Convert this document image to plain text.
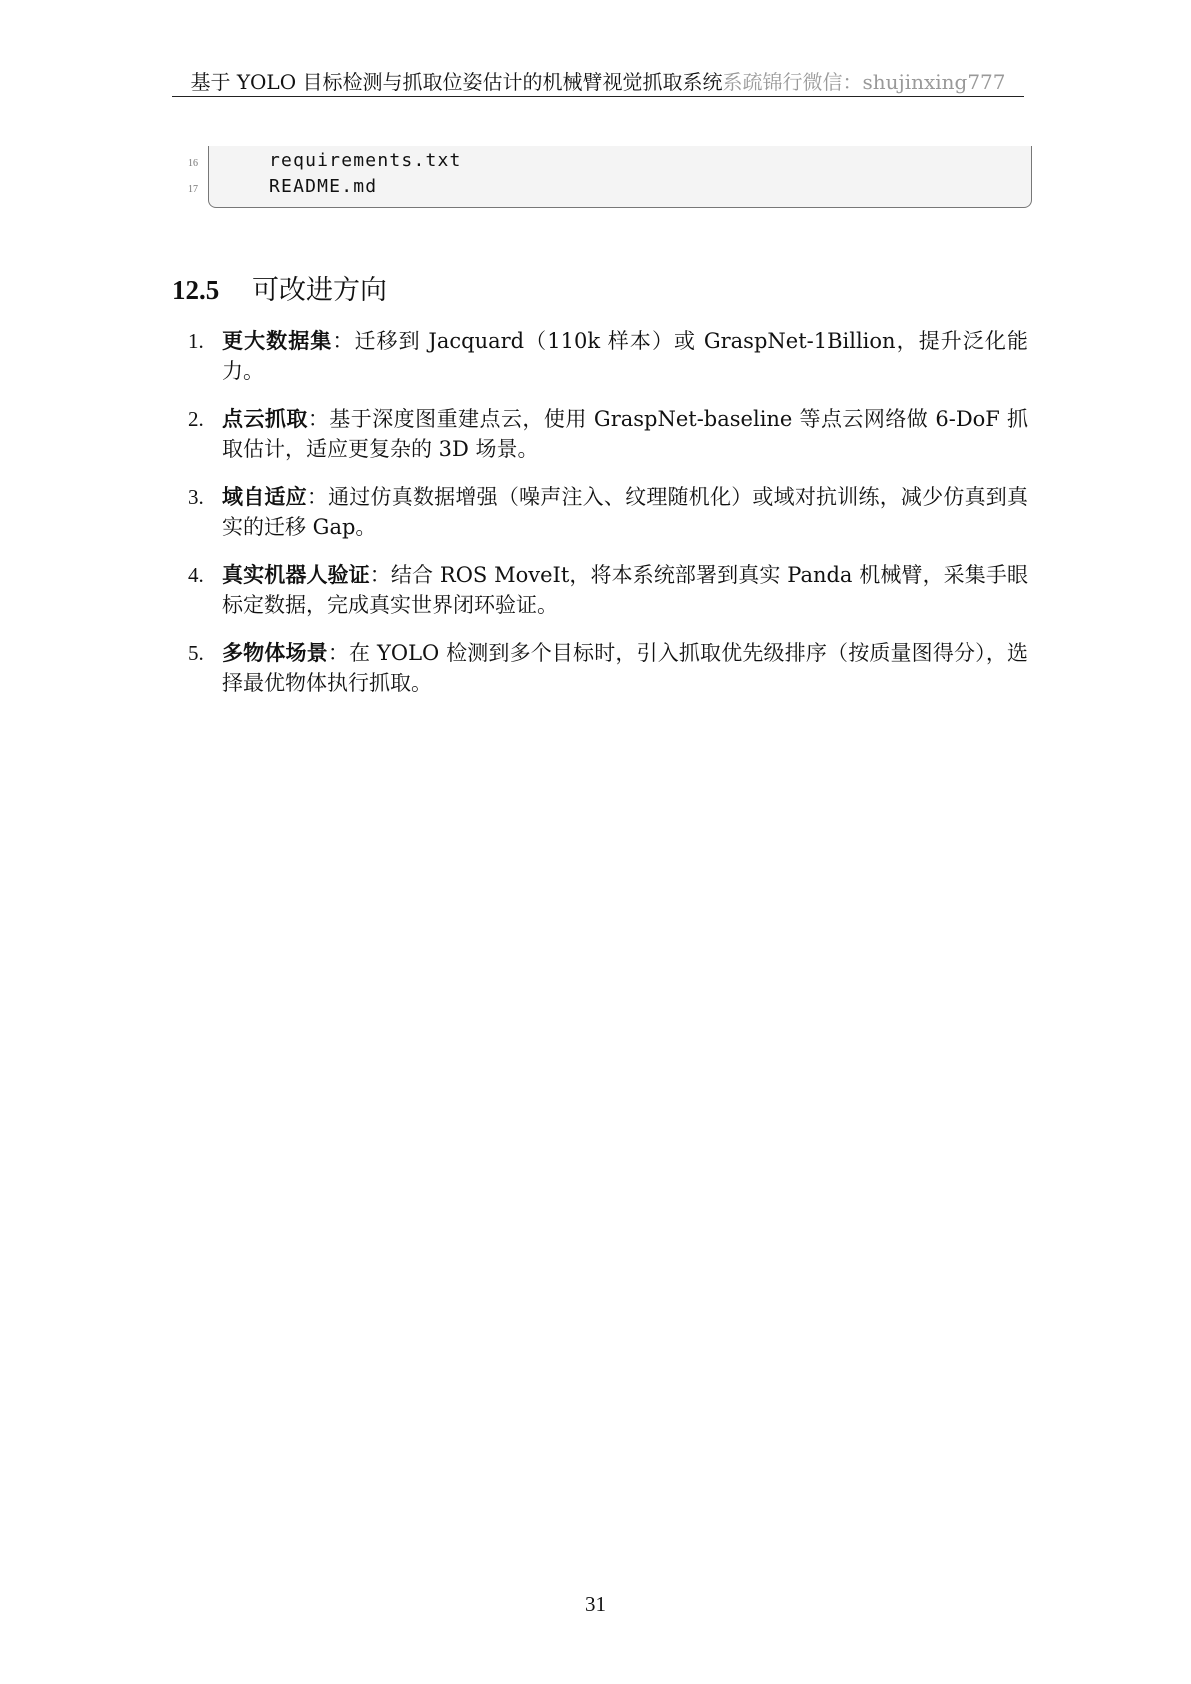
基于 YOLO 目标检测与抓取位姿估计的机械臂视觉抓取系统 系疏锦行微信：shujinxing777
16
17
requirements.txt
README.md
12.5	可改进方向
1. 更大数据集：迁移到 Jacquard（110k 样本）或 GraspNet-1Billion，提升泛化能力。
2. 点云抓取：基于深度图重建点云，使用 GraspNet-baseline 等点云网络做 6-DoF 抓取估计，适应更复杂的 3D 场景。
3. 域自适应：通过仿真数据增强（噪声注入、纹理随机化）或域对抗训练，减少仿真到真实的迁移 Gap。
4. 真实机器人验证：结合 ROS MoveIt，将本系统部署到真实 Panda 机械臂，采集手眼标定数据，完成真实世界闭环验证。
5. 多物体场景：在 YOLO 检测到多个目标时，引入抓取优先级排序（按质量图得分），选择最优物体执行抓取。
31
